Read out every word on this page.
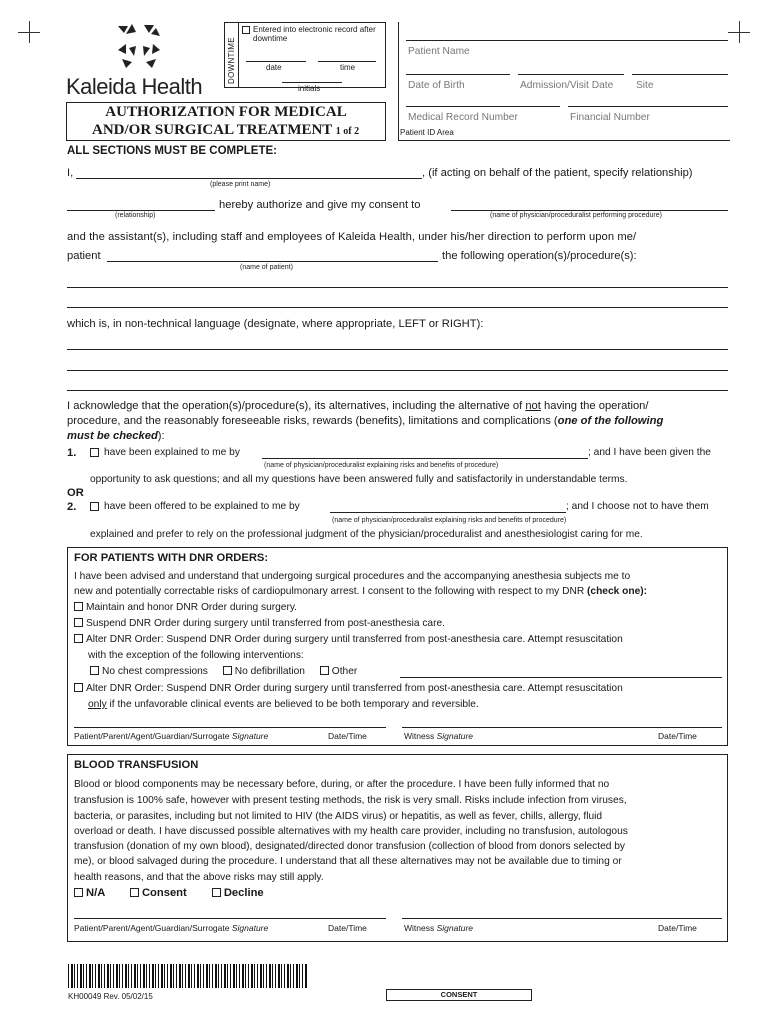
Kaleida Health
DOWNTIME
Entered into electronic record after downtime
date	time
initials
AUTHORIZATION FOR MEDICAL
AND/OR SURGICAL TREATMENT 1 of 2
Patient Name
Date of Birth	Admission/Visit Date Site
Medical Record Number	Financial Number
Patient ID Area
ALL SECTIONS MUST BE COMPLETE:
I,	, (if acting on behalf of the patient, specify relationship)
(please print name)
hereby authorize and give my consent to
(relationship)	(name of physician/proceduralist performing procedure)
and the assistant(s), including staff and employees of Kaleida Health, under his/her direction to perform upon me/
patient	the following operation(s)/procedure(s):
(name of patient)
which is, in non-technical language (designate, where appropriate, LEFT or RIGHT):
I acknowledge that the operation(s)/procedure(s), its alternatives, including the alternative of not having the operation/
procedure, and the reasonably foreseeable risks, rewards (benefits), limitations and complications (one of the following
must be checked):
1.	have been explained to me by	; and I have been given the
(name of physician/proceduralist explaining risks and benefits of procedure)
opportunity to ask questions; and all my questions have been answered fully and satisfactorily in understandable terms.
OR
2.	have been offered to be explained to me by	; and I choose not to have them
(name of physician/proceduralist explaining risks and benefits of procedure)
explained and prefer to rely on the professional judgment of the physician/proceduralist and anesthesiologist caring for me.
FOR PATIENTS WITH DNR ORDERS:
I have been advised and understand that undergoing surgical procedures and the accompanying anesthesia subjects me to
new and potentially correctable risks of cardiopulmonary arrest. I consent to the following with respect to my DNR (check one):
Maintain and honor DNR Order during surgery.
Suspend DNR Order during surgery until transferred from post-anesthesia care.
Alter DNR Order: Suspend DNR Order during surgery until transferred from post-anesthesia care. Attempt resuscitation
with the exception of the following interventions:
No chest compressions	No defibrillation	Other
Alter DNR Order: Suspend DNR Order during surgery until transferred from post-anesthesia care. Attempt resuscitation
only if the unfavorable clinical events are believed to be both temporary and reversible.
Patient/Parent/Agent/Guardian/Surrogate Signature	Date/Time	Witness Signature	Date/Time
BLOOD TRANSFUSION
Blood or blood components may be necessary before, during, or after the procedure. I have been fully informed that no
transfusion is 100% safe, however with present testing methods, the risk is very small. Risks include infection from viruses,
bacteria, or parasites, including but not limited to HIV (the AIDS virus) or hepatitis, as well as fever, chills, allergy, fluid
overload or death. I have discussed possible alternatives with my health care provider, including no transfusion, autologous
transfusion (donation of my own blood), designated/directed donor transfusion (collection of blood from donors selected by
me), or blood salvaged during the procedure. I understand that all these alternatives may not be available due to timing or
health reasons, and that the above risks may still apply.
N/A	Consent	Decline
Patient/Parent/Agent/Guardian/Surrogate Signature	Date/Time	Witness Signature	Date/Time
KH00049 Rev. 05/02/15	CONSENT
